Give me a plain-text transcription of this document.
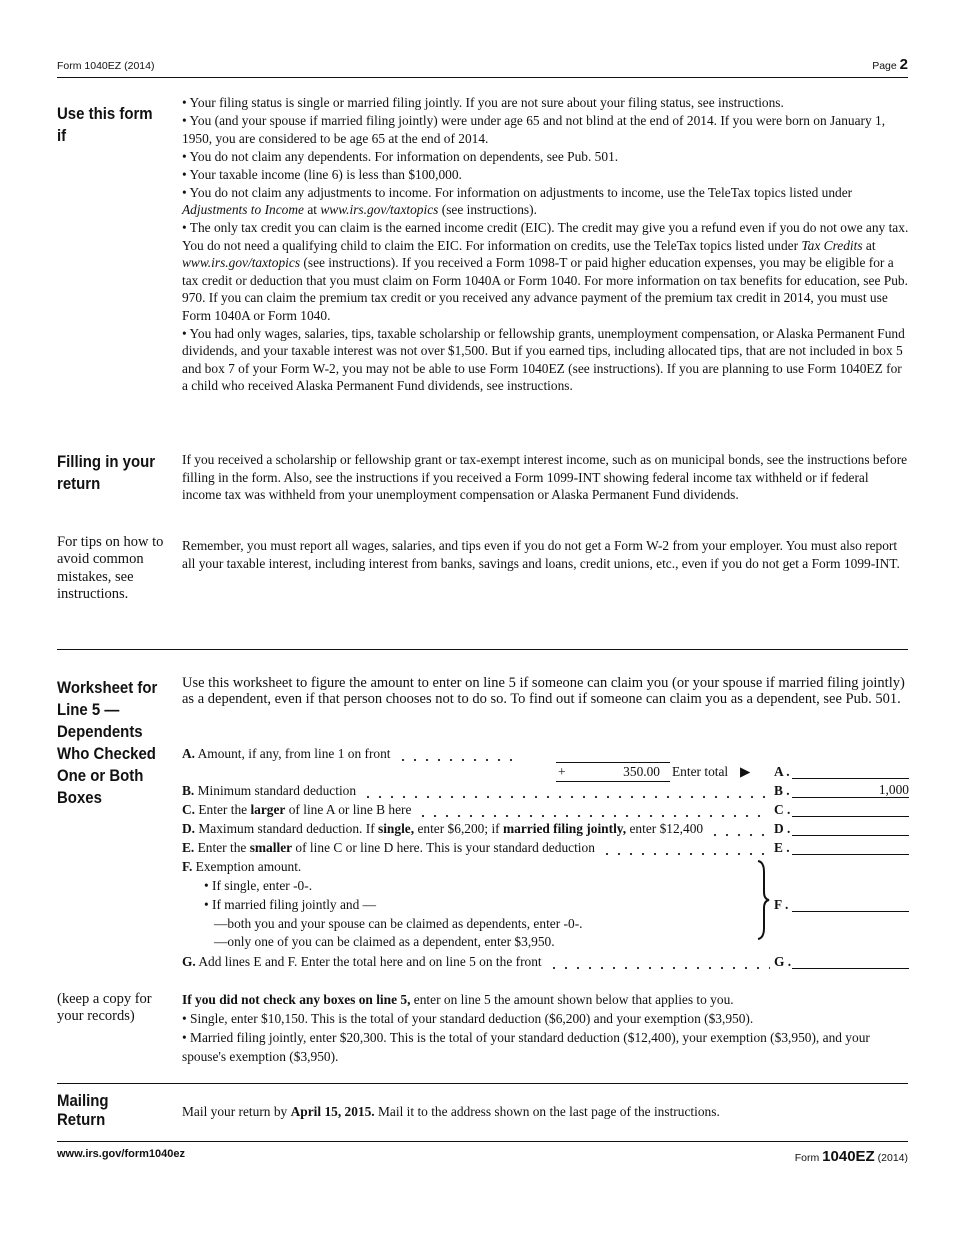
Form 1040EZ (2014)	Page 2
Use this form if

• Your filing status is single or married filing jointly. If you are not sure about your filing status, see instructions.

• You (and your spouse if married filing jointly) were under age 65 and not blind at the end of 2014. If you were born on January 1, 1950, you are considered to be age 65 at the end of 2014.

• You do not claim any dependents. For information on dependents, see Pub. 501.

• Your taxable income (line 6) is less than $100,000.

• You do not claim any adjustments to income. For information on adjustments to income, use the TeleTax topics listed under Adjustments to Income at www.irs.gov/taxtopics (see instructions).

• The only tax credit you can claim is the earned income credit (EIC). The credit may give you a refund even if you do not owe any tax. You do not need a qualifying child to claim the EIC. For information on credits, use the TeleTax topics listed under Tax Credits at www.irs.gov/taxtopics (see instructions). If you received a Form 1098-T or paid higher education expenses, you may be eligible for a tax credit or deduction that you must claim on Form 1040A or Form 1040. For more information on tax benefits for education, see Pub. 970. If you can claim the premium tax credit or you received any advance payment of the premium tax credit in 2014, you must use Form 1040A or Form 1040.

• You had only wages, salaries, tips, taxable scholarship or fellowship grants, unemployment compensation, or Alaska Permanent Fund dividends, and your taxable interest was not over $1,500. But if you earned tips, including allocated tips, that are not included in box 5 and box 7 of your Form W-2, you may not be able to use Form 1040EZ (see instructions). If you are planning to use Form 1040EZ for a child who received Alaska Permanent Fund dividends, see instructions.

Filling in your return
If you received a scholarship or fellowship grant or tax-exempt interest income, such as on municipal bonds, see the instructions before filling in the form. Also, see the instructions if you received a Form 1099-INT showing federal income tax withheld or if federal income tax was withheld from your unemployment compensation or Alaska Permanent Fund dividends.
For tips on how to avoid common mistakes, see instructions.
Remember, you must report all wages, salaries, and tips even if you do not get a Form W-2 from your employer. You must also report all your taxable interest, including interest from banks, savings and loans, credit unions, etc., even if you do not get a Form 1099-INT.
Worksheet for Line 5 — Dependents Who Checked One or Both Boxes
Use this worksheet to figure the amount to enter on line 5 if someone can claim you (or your spouse if married filing jointly) as a dependent, even if that person chooses not to do so. To find out if someone can claim you as a dependent, see Pub. 501.
A. Amount, if any, from line 1 on front
+	350.00 Enter total ▶ A .
B. Minimum standard deduction	B .	1,000
C. Enter the larger of line A or line B here	C .
D. Maximum standard deduction. If single, enter $6,200; if married filing jointly, enter $12,400	D .
E. Enter the smaller of line C or line D here. This is your standard deduction	E .
F. Exemption amount.
• If single, enter -0-.
• If married filing jointly and —	F .
—both you and your spouse can be claimed as dependents, enter -0-.
—only one of you can be claimed as a dependent, enter $3,950.
G. Add lines E and F. Enter the total here and on line 5 on the front	G .
(keep a copy for your records)

If you did not check any boxes on line 5, enter on line 5 the amount shown below that applies to you.

• Single, enter $10,150. This is the total of your standard deduction ($6,200) and your exemption ($3,950).

• Married filing jointly, enter $20,300. This is the total of your standard deduction ($12,400), your exemption ($3,950), and your spouse's exemption ($3,950).

Mailing Return	Mail your return by April 15, 2015. Mail it to the address shown on the last page of the instructions.
www.irs.gov/form1040ez	Form 1040EZ (2014)
